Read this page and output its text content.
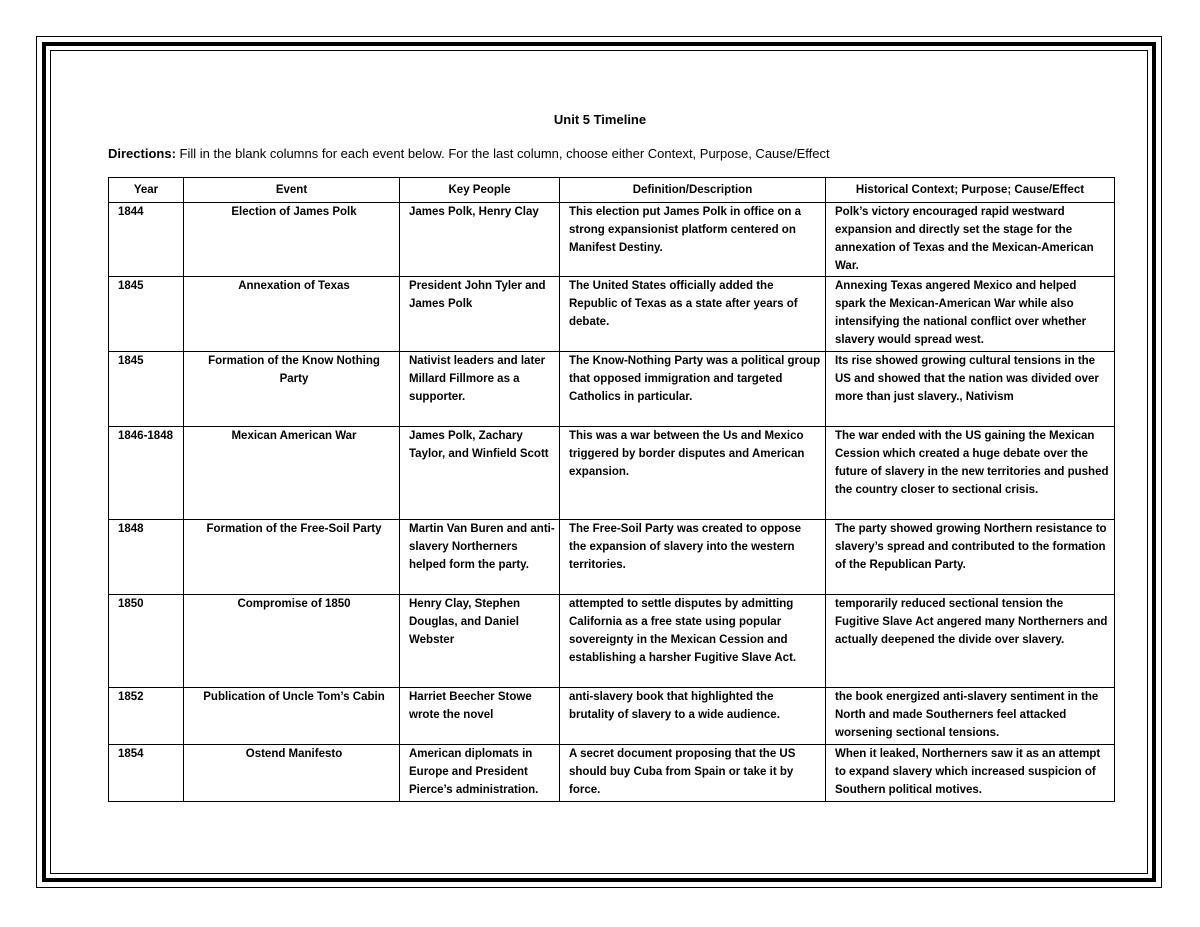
Unit 5 Timeline
Directions: Fill in the blank columns for each event below. For the last column, choose either Context, Purpose, Cause/Effect
Year	Event	Key People	Definition/Description	Historical Context; Purpose; Cause/Effect
1844	Election of James Polk	James Polk, Henry Clay	This election put James Polk in office on a strong expansionist platform centered on Manifest Destiny.	Polk’s victory encouraged rapid westward expansion and directly set the stage for the annexation of Texas and the Mexican-American War.
1845	Annexation of Texas	President John Tyler and James Polk	The United States officially added the Republic of Texas as a state after years of debate.	Annexing Texas angered Mexico and helped spark the Mexican-American War while also intensifying the national conflict over whether slavery would spread west.
1845	Formation of the Know Nothing Party	Nativist leaders and later Millard Fillmore as a supporter.	The Know-Nothing Party was a political group that opposed immigration and targeted Catholics in particular.	Its rise showed growing cultural tensions in the US and showed that the nation was divided over more than just slavery., Nativism
1846-1848	Mexican American War	James Polk, Zachary Taylor, and Winfield Scott	This was a war between the Us and Mexico triggered by border disputes and American expansion.	The war ended with the US gaining the Mexican Cession which created a huge debate over the future of slavery in the new territories and pushed the country closer to sectional crisis.
1848	Formation of the Free-Soil Party	Martin Van Buren and anti-slavery Northerners helped form the party.	The Free-Soil Party was created to oppose the expansion of slavery into the western territories.	The party showed growing Northern resistance to slavery’s spread and contributed to the formation of the Republican Party.
1850	Compromise of 1850	Henry Clay, Stephen Douglas, and Daniel Webster	attempted to settle disputes by admitting California as a free state using popular sovereignty in the Mexican Cession and establishing a harsher Fugitive Slave Act.	temporarily reduced sectional tension the Fugitive Slave Act angered many Northerners and actually deepened the divide over slavery.
1852	Publication of Uncle Tom’s Cabin	Harriet Beecher Stowe wrote the novel	anti-slavery book that highlighted the brutality of slavery to a wide audience.	the book energized anti-slavery sentiment in the North and made Southerners feel attacked worsening sectional tensions.
1854	Ostend Manifesto	American diplomats in Europe and President Pierce’s administration.	A secret document proposing that the US should buy Cuba from Spain or take it by force.	When it leaked, Northerners saw it as an attempt to expand slavery which increased suspicion of Southern political motives.
